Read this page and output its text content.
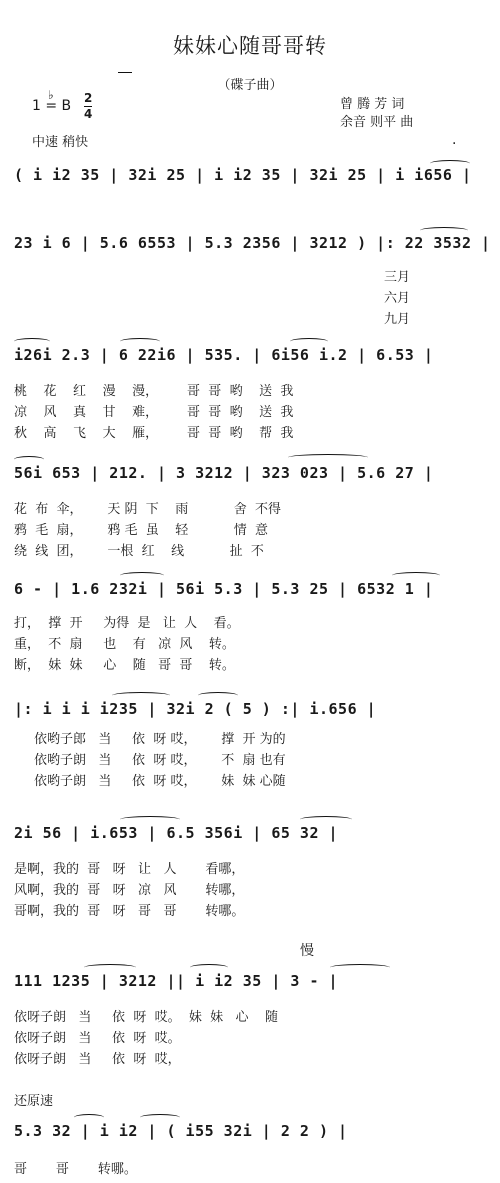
妹妹心随哥哥转
（碟子曲）
1 =
♭
B 2
4
中速 稍快
曾 腾 芳 词
余音 则平 曲
·
( i i2 35 | 32i 25 | i i2 35 | 32i 25 | i i656 |
23 i 6 | 5.6 6553 | 5.3 2356 | 3212 ) |: 22 3532 |
三月
六月
九月
i26i 2.3 | 6 22i6 | 535. | 6i56 i.2 | 6.53 |
桃    花    红    漫    漫，       哥  哥  哟    送  我
凉    风    真    甘    难，       哥  哥  哟    送  我
秋    高    飞    大    雁，       哥  哥  哟    帮  我
56i 653 | 212. | 3 3212 | 323 023 | 5.6 27 |
花  布  伞，      天 阴  下    雨           舍  不得
鸦  毛  扇，      鸦 毛  虽    轻           情  意
绕  线  团，      一根  红    线           扯  不
6 - | 1.6 232i | 56i 5.3 | 5.3 25 | 6532 1 |
打，  撑  开     为得  是   让  人    看。
重，  不  扇     也    有   凉  风    转。
断，  妹  妹     心    随   哥  哥    转。
|: i i i i235 | 32i 2 ( 5 ) :| i.656 |
依哟子郎   当     依  呀 哎，      撑  开 为的
依哟子朗   当     依  呀 哎，      不  扇 也有
依哟子朗   当     依  呀 哎，      妹  妹 心随
2i 56 | i.653 | 6.5 356i | 65 32 |
是啊，我的  哥   呀   让   人       看哪，
风啊，我的  哥   呀   凉   风       转哪，
哥啊，我的  哥   呀   哥   哥       转哪。
慢
111 1235 | 3212 || i i2 35 | 3 - |
依呀子朗   当     依  呀  哎。  妹  妹   心    随
依呀子朗   当     依  呀  哎。
依呀子朗   当     依  呀  哎，
还原速
5.3 32 | i i2 | ( i55 32i | 2 2 ) |
哥       哥       转哪。
